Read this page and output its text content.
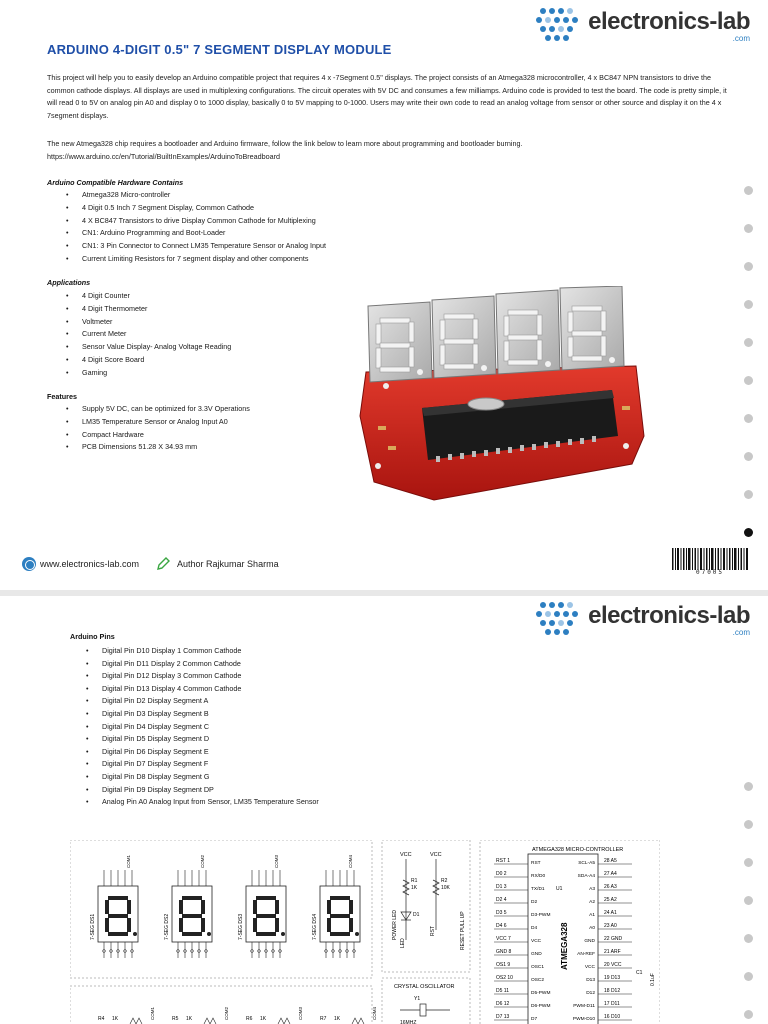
electronics-lab
.com
ARDUINO 4-DIGIT 0.5" 7 SEGMENT DISPLAY MODULE

This project will help you to easily develop an Arduino compatible project that requires 4 x -7Segment 0.5" displays. The project consists of an Atmega328 microcontroller, 4 x BC847 NPN transistors to drive the common cathode displays. All displays are used in multiplexing configurations. The circuit operates with 5V DC and consumes a few milliamps. Arduino code is provided to test the board. The code is pretty simple, it will read 0 to 5V on analog pin A0 and display 0 to 1000 display, basically 0 to 5V mapping to 0-1000. Users may write their own code to read an analog voltage from sensor or other source and display it on the 4 x 7segment displays.

The new Atmega328 chip requires a bootloader and Arduino firmware, follow the link below to learn more about programming and bootloader burning.
https://www.arduino.cc/en/Tutorial/BuiltInExamples/ArduinoToBreadboard
Arduino Compatible Hardware Contains
• Atmega328 Micro-controller
• 4 Digit 0.5 Inch 7 Segment Display, Common Cathode
• 4 X BC847 Transistors to drive Display Common Cathode for Multiplexing
• CN1: Arduino Programming and Boot-Loader
• CN1: 3 Pin Connector to Connect LM35 Temperature Sensor or Analog Input
• Current Limiting Resistors for 7 segment display and other components
Applications
• 4 Digit Counter
• 4 Digit Thermometer
• Voltmeter
• Current Meter
• Sensor Value Display- Analog Voltage Reading
• 4 Digit Score Board
• Gaming
Features
• Supply 5V DC, can be optimized for 3.3V Operations
• LM35 Temperature Sensor or Analog Input A0
• Compact Hardware
• PCB Dimensions 51.28 X 34.93 mm
www.electronics-lab.com	Author Rajkumar Sharma
07005
electronics-lab
.com
Arduino Pins
• Digital Pin D10 Display 1 Common Cathode
• Digital Pin D11 Display 2 Common Cathode
• Digital Pin D12 Display 3 Common Cathode
• Digital Pin D13 Display 4 Common Cathode
• Digital Pin D2 Display Segment A
• Digital Pin D3 Display Segment B
• Digital Pin D4 Display Segment C
• Digital Pin D5 Display Segment D
• Digital Pin D6 Display Segment E
• Digital Pin D7 Display Segment F
• Digital Pin D8 Display Segment G
• Digital Pin D9 Display Segment DP
• Analog Pin A0 Analog Input from Sensor, LM35 Temperature Sensor
7-SEG DS1
COM1
7-SEG DS2
COM2
7-SEG DS3
COM3
7-SEG DS4
COM4	VCC	VCC
R1
1K
R2
10K
D1
POWER LED
LED
RST	RESET PULL UP
CRYSTAL OSCILLATOR
Y1
16MHZ
ATMEGA328 MICRO-CONTROLLER
ATMEGA328
U1
RST 1	RST
D0 2	RX/D0
D1 3	TX/D1
D2 4	D2
D3 5	D3-PWM
D4 6	D4
VCC 7	VCC
GND 8	GND
OS1 9	OSC1
OS2 10	OSC2
D5 11	D5-PWM
D6 12	D6-PWM
D7 13	D7
28 A5
SCL-A5
27 A4
SDA-A4
26 A3
A3
25 A2
A2
24 A1
A1
23 A0
A0
22 GND
GND
21 ARF
AN-REF
20 VCC
VCC
19 D13
D13
18 D12
D12
17 D11
PWM-D11
16 D10
PWM-D10
C1
0.1uF
R4 1K	COM1	R5 1K	COM2	R6 1K	COM3	R7 1K	COM4
